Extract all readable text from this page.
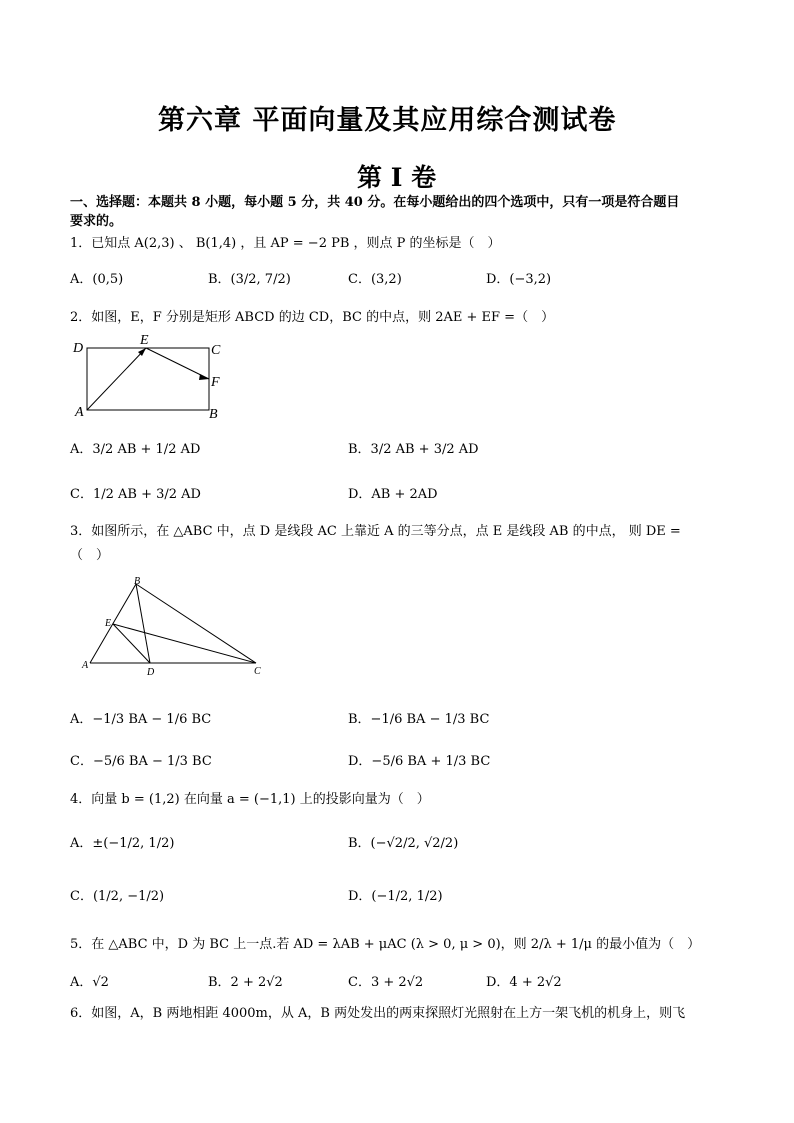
第六章 平面向量及其应用综合测试卷
第 I 卷
一、选择题：本题共 8 小题，每小题 5 分，共 40 分。在每小题给出的四个选项中，只有一项是符合题目
要求的。
1．已知点 A(2,3) 、 B(1,4) ，且 AP = −2 PB ，则点 P 的坐标是（　）
A．(0,5)	B．(3/2, 7/2)	C．(3,2)	D．(−3,2)
2．如图，E，F 分别是矩形 ABCD 的边 CD，BC 的中点，则 2AE + EF =（　）
D
E
C
F
A	B
A．3/2 AB + 1/2 AD	B．3/2 AB + 3/2 AD
C．1/2 AB + 3/2 AD	D．AB + 2AD
3．如图所示，在 △ABC 中，点 D 是线段 AC 上靠近 A 的三等分点，点 E 是线段 AB 的中点， 则 DE =
（　）
B
E
A
D	C
A．−1/3 BA − 1/6 BC	B．−1/6 BA − 1/3 BC
C．−5/6 BA − 1/3 BC	D．−5/6 BA + 1/3 BC
4．向量 b = (1,2) 在向量 a = (−1,1) 上的投影向量为（　）
A．±(−1/2, 1/2)	B．(−√2/2, √2/2)
C．(1/2, −1/2)	D．(−1/2, 1/2)
5．在 △ABC 中，D 为 BC 上一点.若 AD = λAB + μAC (λ > 0, μ > 0)，则 2/λ + 1/μ 的最小值为（　）
A．√2	B．2 + 2√2	C．3 + 2√2	D．4 + 2√2
6．如图，A，B 两地相距 4000m，从 A，B 两处发出的两束探照灯光照射在上方一架飞机的机身上，则飞
